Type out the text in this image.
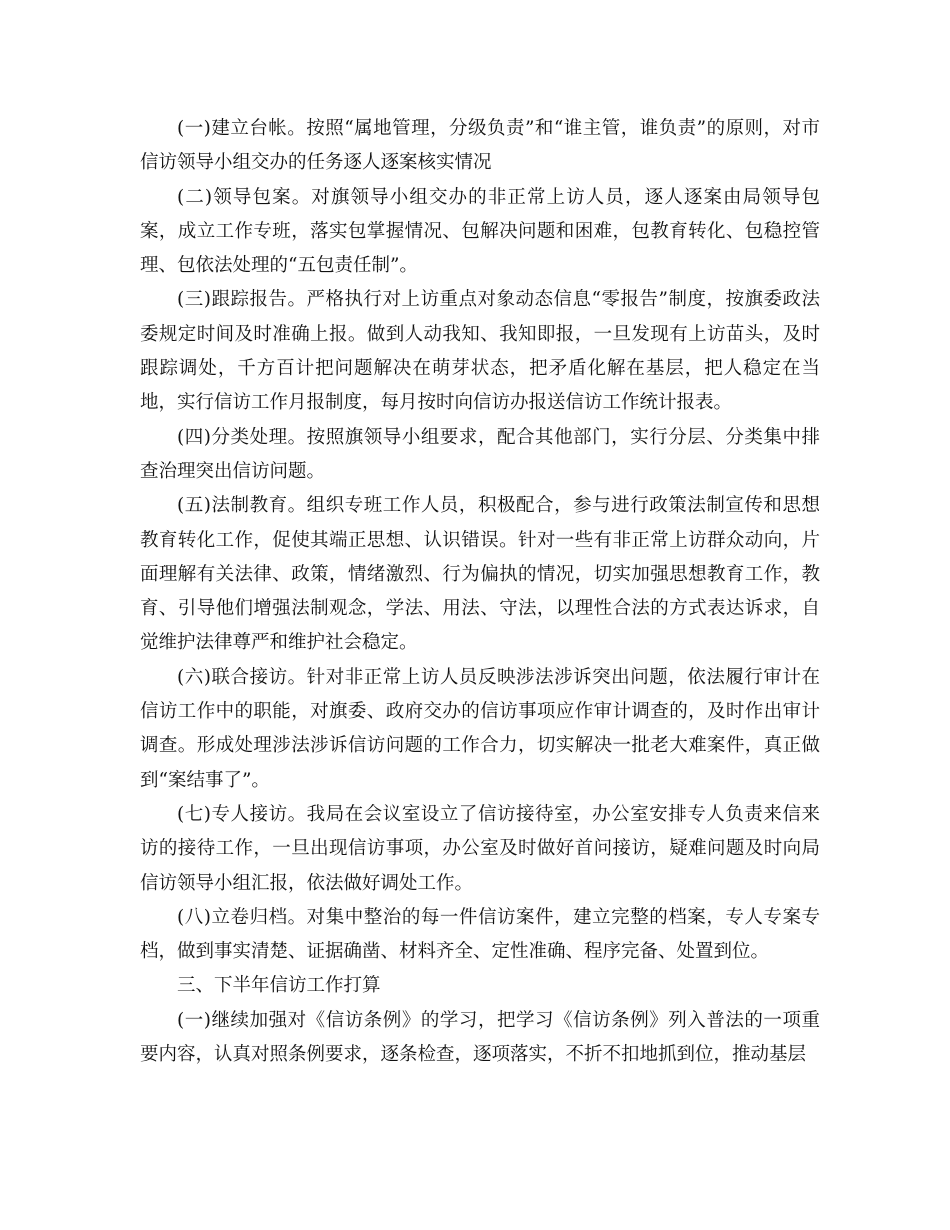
(一)建立台帐。按照“属地管理，分级负责”和“谁主管，谁负责”的原则，对市信访领导小组交办的任务逐人逐案核实情况

(二)领导包案。对旗领导小组交办的非正常上访人员，逐人逐案由局领导包案，成立工作专班，落实包掌握情况、包解决问题和困难，包教育转化、包稳控管理、包依法处理的“五包责任制”。

(三)跟踪报告。严格执行对上访重点对象动态信息“零报告”制度，按旗委政法委规定时间及时准确上报。做到人动我知、我知即报，一旦发现有上访苗头，及时跟踪调处，千方百计把问题解决在萌芽状态，把矛盾化解在基层，把人稳定在当地，实行信访工作月报制度，每月按时向信访办报送信访工作统计报表。

(四)分类处理。按照旗领导小组要求，配合其他部门，实行分层、分类集中排查治理突出信访问题。

(五)法制教育。组织专班工作人员，积极配合，参与进行政策法制宣传和思想教育转化工作，促使其端正思想、认识错误。针对一些有非正常上访群众动向，片面理解有关法律、政策，情绪激烈、行为偏执的情况，切实加强思想教育工作，教育、引导他们增强法制观念，学法、用法、守法，以理性合法的方式表达诉求，自觉维护法律尊严和维护社会稳定。

(六)联合接访。针对非正常上访人员反映涉法涉诉突出问题，依法履行审计在信访工作中的职能，对旗委、政府交办的信访事项应作审计调查的，及时作出审计调查。形成处理涉法涉诉信访问题的工作合力，切实解决一批老大难案件，真正做到“案结事了”。

(七)专人接访。我局在会议室设立了信访接待室，办公室安排专人负责来信来访的接待工作，一旦出现信访事项，办公室及时做好首问接访，疑难问题及时向局信访领导小组汇报，依法做好调处工作。

(八)立卷归档。对集中整治的每一件信访案件，建立完整的档案，专人专案专档，做到事实清楚、证据确凿、材料齐全、定性准确、程序完备、处置到位。

三、下半年信访工作打算

(一)继续加强对《信访条例》的学习，把学习《信访条例》列入普法的一项重要内容，认真对照条例要求，逐条检查，逐项落实，不折不扣地抓到位，推动基层
